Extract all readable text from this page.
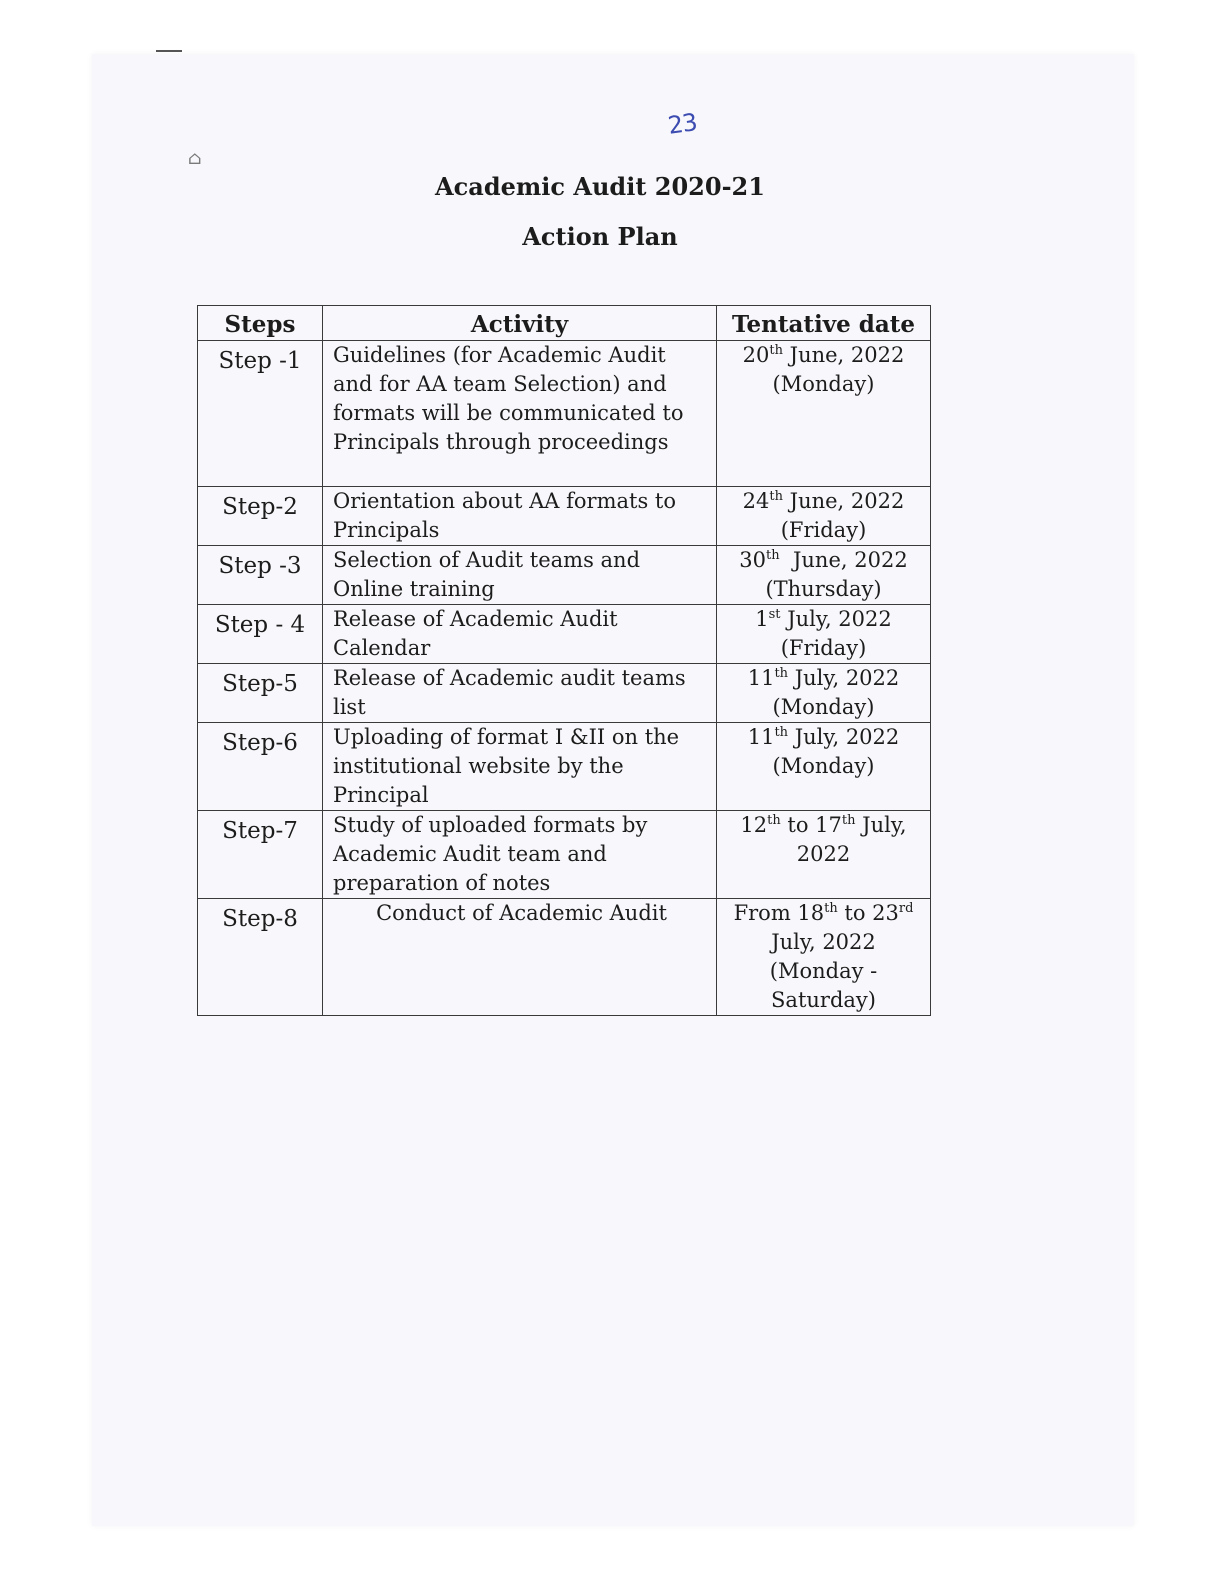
⌂
23
Academic Audit 2020-21
Action Plan
Steps	Activity	Tentative date
Step -1	Guidelines (for Academic Audit and for AA team Selection) and formats will be communicated to Principals through proceedings	20th June, 2022
(Monday)

Step-2	Orientation about AA formats to Principals	24th June, 2022
(Friday)

Step -3	Selection of Audit teams and Online training	30th  June, 2022
(Thursday)

Step - 4	Release of Academic Audit Calendar	1st July, 2022
(Friday)

Step-5	Release of Academic audit teams list	11th July, 2022
(Monday)

Step-6	Uploading of format I &II on the institutional website by the Principal	11th July, 2022
(Monday)

Step-7	Study of uploaded formats by Academic Audit team and preparation of notes	12th to 17th July,
2022

Step-8	Conduct of Academic Audit	From 18th to 23rd
July, 2022
(Monday -
Saturday)
